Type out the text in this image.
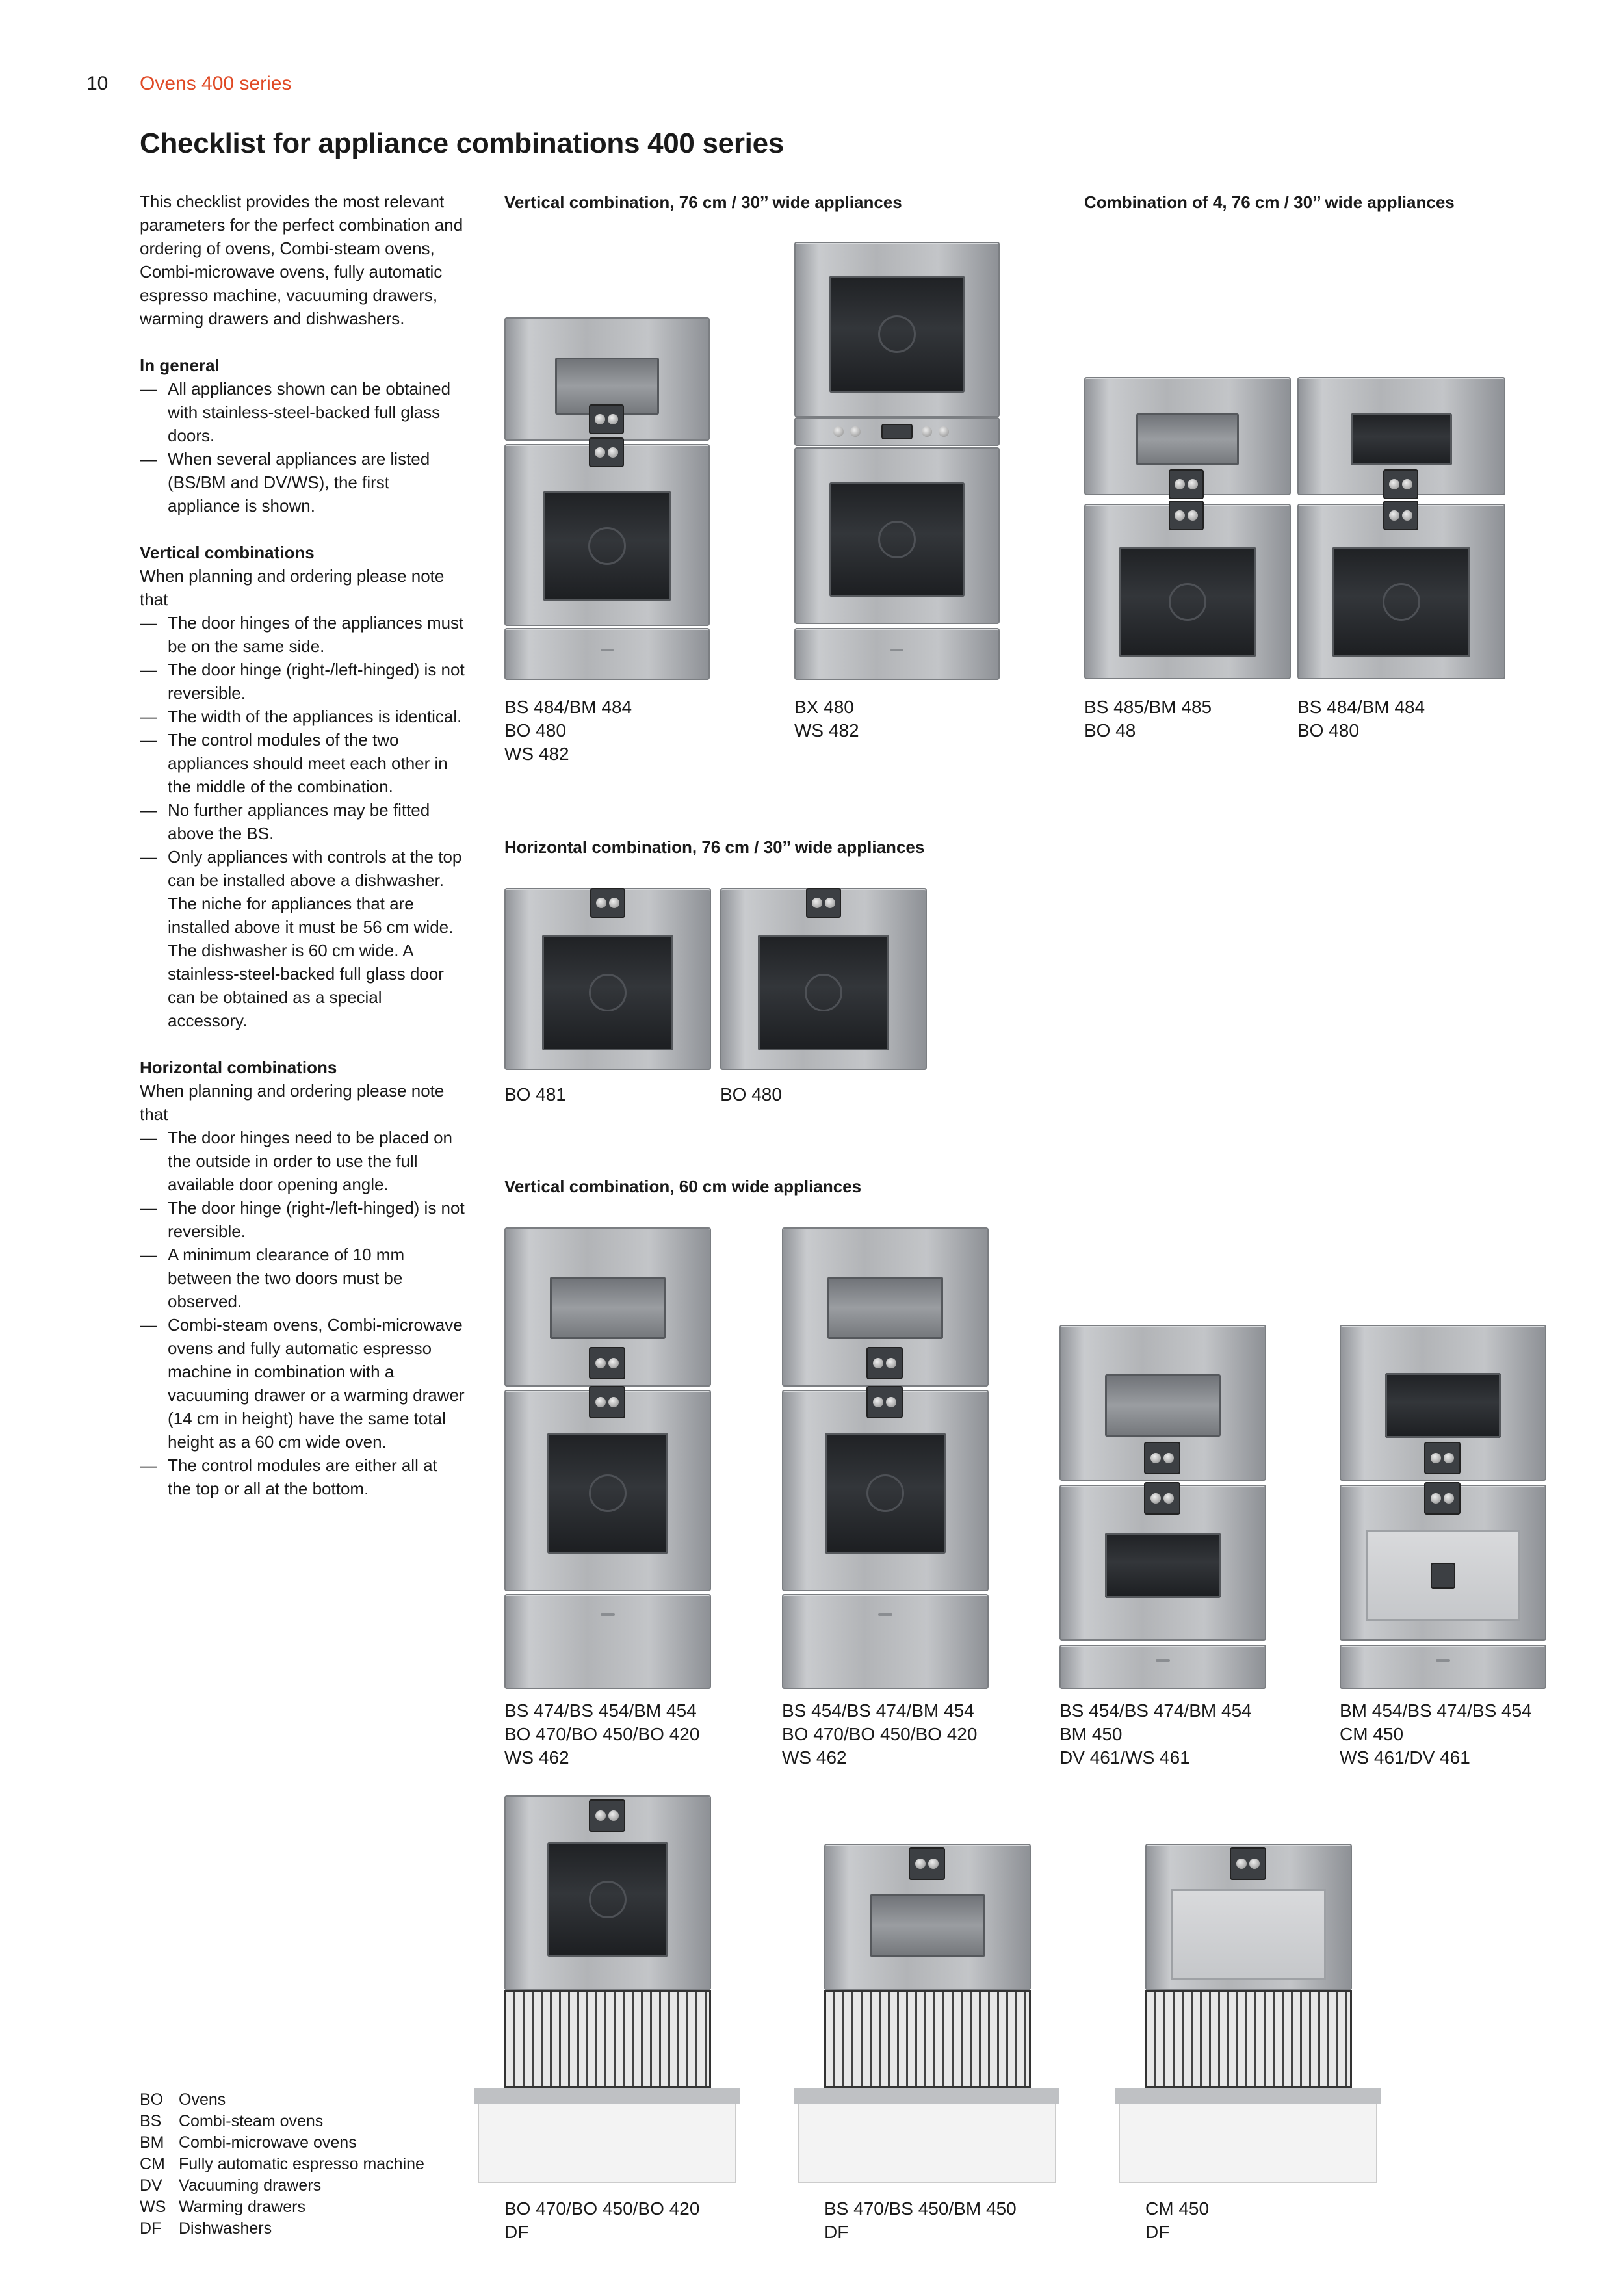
10 Ovens 400 series
Checklist for appliance combinations 400 series

This checklist provides the most relevant parameters for the perfect combination and ordering of ovens, Combi-steam ovens, Combi-microwave ovens, fully automatic espresso machine, vacuuming drawers, warming drawers and dishwashers.

In general
— All appliances shown can be obtained with stainless-steel-backed full glass doors.
— When several appliances are listed (BS/BM and DV/WS), the first appliance is shown.
Vertical combinations

When planning and ordering please note that

— The door hinges of the appliances must be on the same side.
— The door hinge (right-/left-hinged) is not reversible.
— The width of the appliances is identical.
— The control modules of the two appliances should meet each other in the middle of the combination.
— No further appliances may be fitted above the BS.
— Only appliances with controls at the top can be installed above a dishwasher. The niche for appliances that are installed above it must be 56 cm wide. The dishwasher is 60 cm wide. A stainless-steel-backed full glass door can be obtained as a special accessory.
Horizontal combinations

When planning and ordering please note that

— The door hinges need to be placed on the outside in order to use the full available door opening angle.
— The door hinge (right-/left-hinged) is not reversible.
— A minimum clearance of 10 mm between the two doors must be observed.
— Combi-steam ovens, Combi-microwave ovens and fully automatic espresso machine in combination with a vacuuming drawer or a warming drawer (14 cm in height) have the same total height as a 60 cm wide oven.
— The control modules are either all at the top or all at the bottom.
Vertical combination, 76 cm / 30’’ wide appliances	Combination of 4, 76 cm / 30’’ wide appliances
Horizontal combination, 76 cm / 30’’ wide appliances
Vertical combination, 60 cm wide appliances
BS 484/BM 484
BO 480
WS 482
BX 480
WS 482
BS 485/BM 485
BO 48
BS 484/BM 484
BO 480
BO 481	BO 480
BS 474/BS 454/BM 454
BO 470/BO 450/BO 420
WS 462
BS 454/BS 474/BM 454
BO 470/BO 450/BO 420
WS 462
BS 454/BS 474/BM 454
BM 450
DV 461/WS 461
BM 454/BS 474/BS 454
CM 450
WS 461/DV 461
BO 470/BO 450/BO 420
DF
BS 470/BS 450/BM 450
DF
CM 450
DF
BO Ovens
BS	Combi-steam ovens
BM Combi-microwave ovens
CM Fully automatic espresso machine
DV	Vacuuming drawers
WS Warming drawers
DF	Dishwashers
